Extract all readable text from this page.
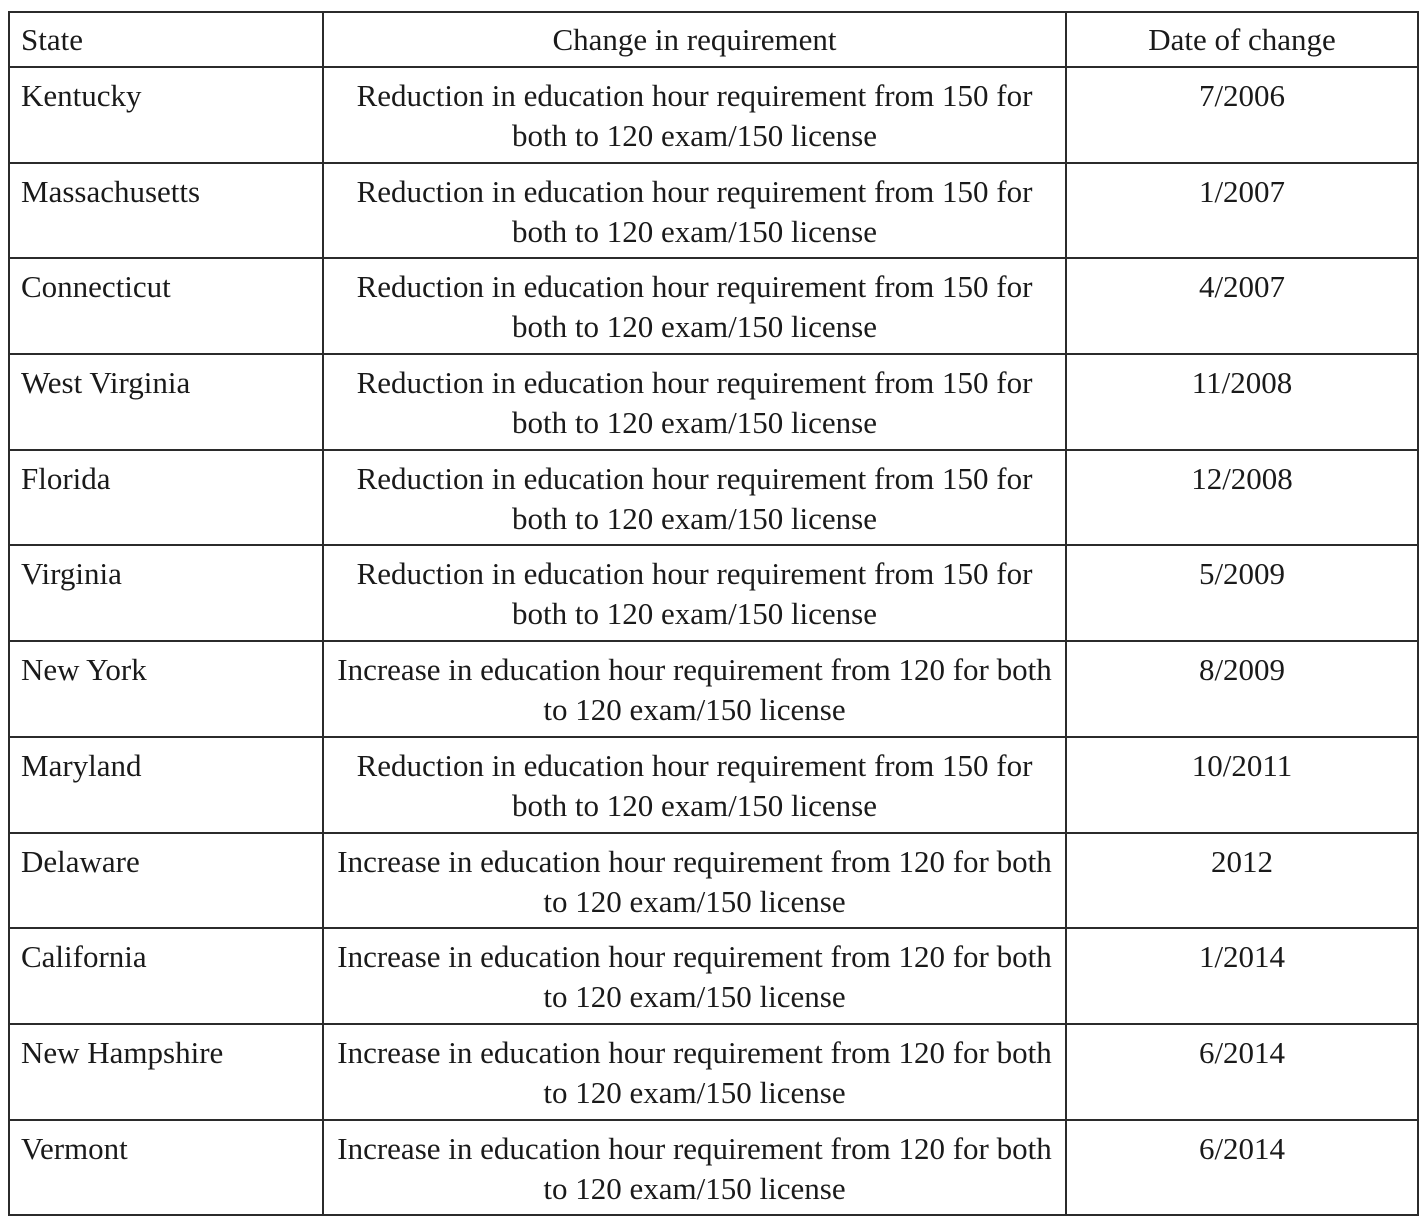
State	Change in requirement	Date of change
Kentucky	Reduction in education hour requirement from 150 for both to 120 exam/150 license	7/2006
Massachusetts	Reduction in education hour requirement from 150 for both to 120 exam/150 license	1/2007
Connecticut	Reduction in education hour requirement from 150 for both to 120 exam/150 license	4/2007
West Virginia	Reduction in education hour requirement from 150 for both to 120 exam/150 license	11/2008
Florida	Reduction in education hour requirement from 150 for both to 120 exam/150 license	12/2008
Virginia	Reduction in education hour requirement from 150 for both to 120 exam/150 license	5/2009
New York	Increase in education hour requirement from 120 for both to 120 exam/150 license	8/2009
Maryland	Reduction in education hour requirement from 150 for both to 120 exam/150 license	10/2011
Delaware	Increase in education hour requirement from 120 for both to 120 exam/150 license	2012
California	Increase in education hour requirement from 120 for both to 120 exam/150 license	1/2014
New Hampshire	Increase in education hour requirement from 120 for both to 120 exam/150 license	6/2014
Vermont	Increase in education hour requirement from 120 for both to 120 exam/150 license	6/2014
